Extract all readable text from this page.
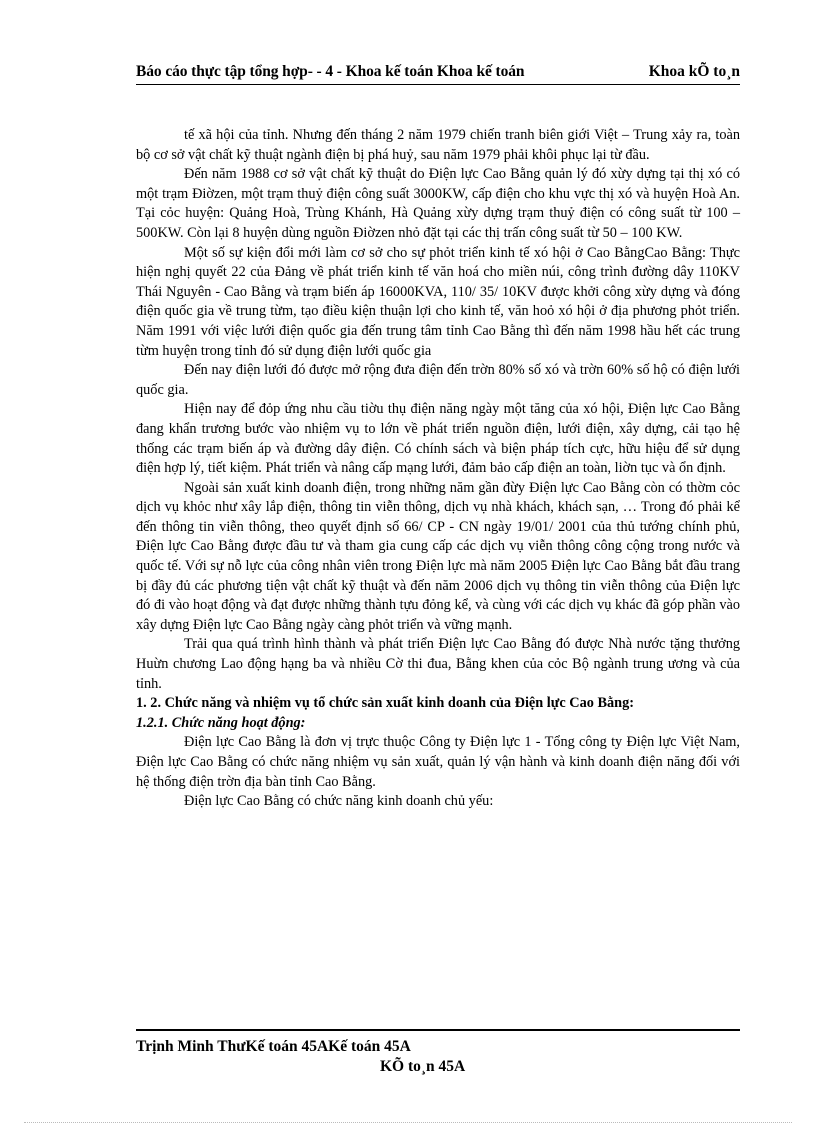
Báo cáo thực tập tổng hợp- - 4 - Khoa kế toán Khoa kế toán	Khoa kÕ to¸n

tế xã hội của tỉnh. Nhưng đến tháng 2 năm 1979 chiến tranh biên giới Việt – Trung xảy ra, toàn bộ cơ sở vật chất kỹ thuật ngành điện bị phá huỷ, sau năm 1979 phải khôi phục lại từ đầu.

Đến năm 1988 cơ sở vật chất kỹ thuật do Điện lực Cao Bằng quản lý đó xừy dựng tại thị xó có một trạm Điờzen, một trạm thuỷ điện công suất 3000KW, cấp điện cho khu vực thị xó và huyện Hoà An. Tại cỏc huyện: Quảng Hoà, Trùng Khánh, Hà Quảng xừy dựng trạm thuỷ điện có công suất từ 100 – 500KW. Còn lại 8 huyện dùng nguồn Điờzen nhỏ đặt tại các thị trấn công suất từ 50 – 100 KW.

Một số sự kiện đổi mới làm cơ sở cho sự phỏt triển kinh tế xó hội ở Cao BằngCao Bằng: Thực hiện nghị quyết 22 của Đảng về phát triển kinh tế văn hoá cho miền núi, công trình đường dây 110KV Thái Nguyên - Cao Bằng và trạm biến áp 16000KVA, 110/ 35/ 10KV được khởi công xừy dựng và đóng điện quốc gia về trung từm, tạo điều kiện thuận lợi cho kinh tế, văn hoỏ xó hội ở địa phương phỏt triển. Năm 1991 với việc lưới điện quốc gia đến trung tâm tỉnh Cao Bằng thì đến năm 1998 hầu hết các trung từm huyện trong tỉnh đó sử dụng điện lưới quốc gia

Đến nay điện lưới đó được mở rộng đưa điện đến trờn 80% số xó và trờn 60% số hộ có điện lưới quốc gia.

Hiện nay để đỏp ứng nhu cầu tiờu thụ điện năng ngày một tăng của xó hội, Điện lực Cao Bằng đang khẩn trương bước vào nhiệm vụ to lớn về phát triển nguồn điện, lưới điện, xây dựng, cải tạo hệ thống các trạm biến áp và đường dây điện. Có chính sách và biện pháp tích cực, hữu hiệu để sử dụng điện hợp lý, tiết kiệm. Phát triển và nâng cấp mạng lưới, đảm bảo cấp điện an toàn, liờn tục và ổn định.

Ngoài sản xuất kinh doanh điện, trong những năm gần đừy Điện lực Cao Bằng còn có thờm cỏc dịch vụ khỏc như xây lắp điện, thông tin viễn thông, dịch vụ nhà khách, khách sạn, … Trong đó phải kể đến thông tin viễn thông, theo quyết định số 66/ CP - CN ngày 19/01/ 2001 của thủ tướng chính phủ, Điện lực Cao Bằng được đầu tư và tham gia cung cấp các dịch vụ viễn thông công cộng trong nước và quốc tế. Với sự nỗ lực của công nhân viên trong Điện lực mà năm 2005 Điện lực Cao Bằng bắt đầu trang bị đầy đủ các phương tiện vật chất kỹ thuật và đến năm 2006 dịch vụ thông tin viễn thông của Điện lực đó đi vào hoạt động và đạt được những thành tựu đỏng kể, và cùng với các dịch vụ khác đã góp phần vào xây dựng Điện lực Cao Bằng ngày càng phỏt triển và vững mạnh.

Trải qua quá trình hình thành và phát triển Điện lực Cao Bằng đó được Nhà nước tặng thưởng Huừn chương Lao động hạng ba và nhiều Cờ thi đua, Bằng khen của cỏc Bộ ngành trung ương và của tỉnh.

1. 2. Chức năng và nhiệm vụ tổ chức sản xuất kinh doanh của Điện lực Cao Bằng:
1.2.1. Chức năng hoạt động:

Điện lực Cao Bằng là đơn vị trực thuộc Công ty Điện lực 1 - Tổng công ty Điện lực Việt Nam, Điện lực Cao Bằng có chức năng nhiệm vụ sản xuất, quản lý vận hành và kinh doanh điện năng đối với hệ thống điện trờn địa bàn tỉnh Cao Bằng.

Điện lực Cao Bằng có chức năng kinh doanh chủ yếu:

Trịnh Minh ThưKế toán 45AKế toán 45A
KÕ to¸n 45A
